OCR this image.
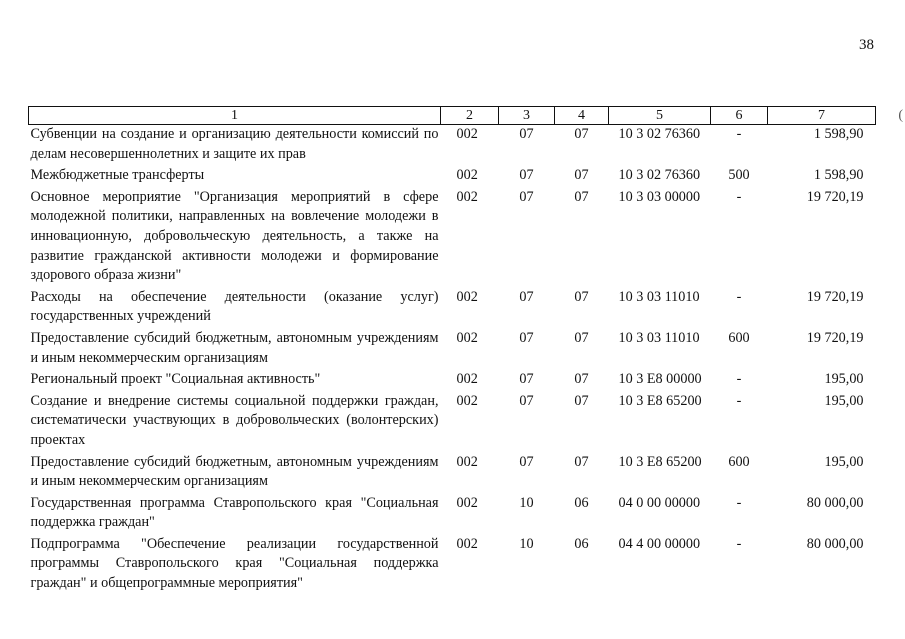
38
(
1	2	3	4	5	6	7
Субвенции на создание и организацию деятельности комиссий по делам несовершеннолетних и защите их прав	002	07	07	10 3 02 76360	-	1 598,90
Межбюджетные трансферты	002	07	07	10 3 02 76360	500	1 598,90
Основное мероприятие "Организация мероприятий в сфере молодежной политики, направленных на вовлечение молодежи в инновационную, добровольческую деятельность, а также на развитие гражданской активности молодежи и формирование здорового образа жизни"	002	07	07	10 3 03 00000	-	19 720,19
Расходы на обеспечение деятельности (оказание услуг) государственных учреждений	002	07	07	10 3 03 11010	-	19 720,19
Предоставление субсидий бюджетным, автономным учреждениям и иным некоммерческим организациям	002	07	07	10 3 03 11010	600	19 720,19
Региональный проект "Социальная активность"	002	07	07	10 3 E8 00000	-	195,00
Создание и внедрение системы социальной поддержки граждан, систематически участвующих в добровольческих (волонтерских) проектах	002	07	07	10 3 E8 65200	-	195,00
Предоставление субсидий бюджетным, автономным учреждениям и иным некоммерческим организациям	002	07	07	10 3 E8 65200	600	195,00
Государственная программа Ставропольского края "Социальная поддержка граждан"	002	10	06	04 0 00 00000	-	80 000,00
Подпрограмма "Обеспечение реализации государственной программы Ставропольского края "Социальная поддержка граждан" и общепрограммные мероприятия"	002	10	06	04 4 00 00000	-	80 000,00
